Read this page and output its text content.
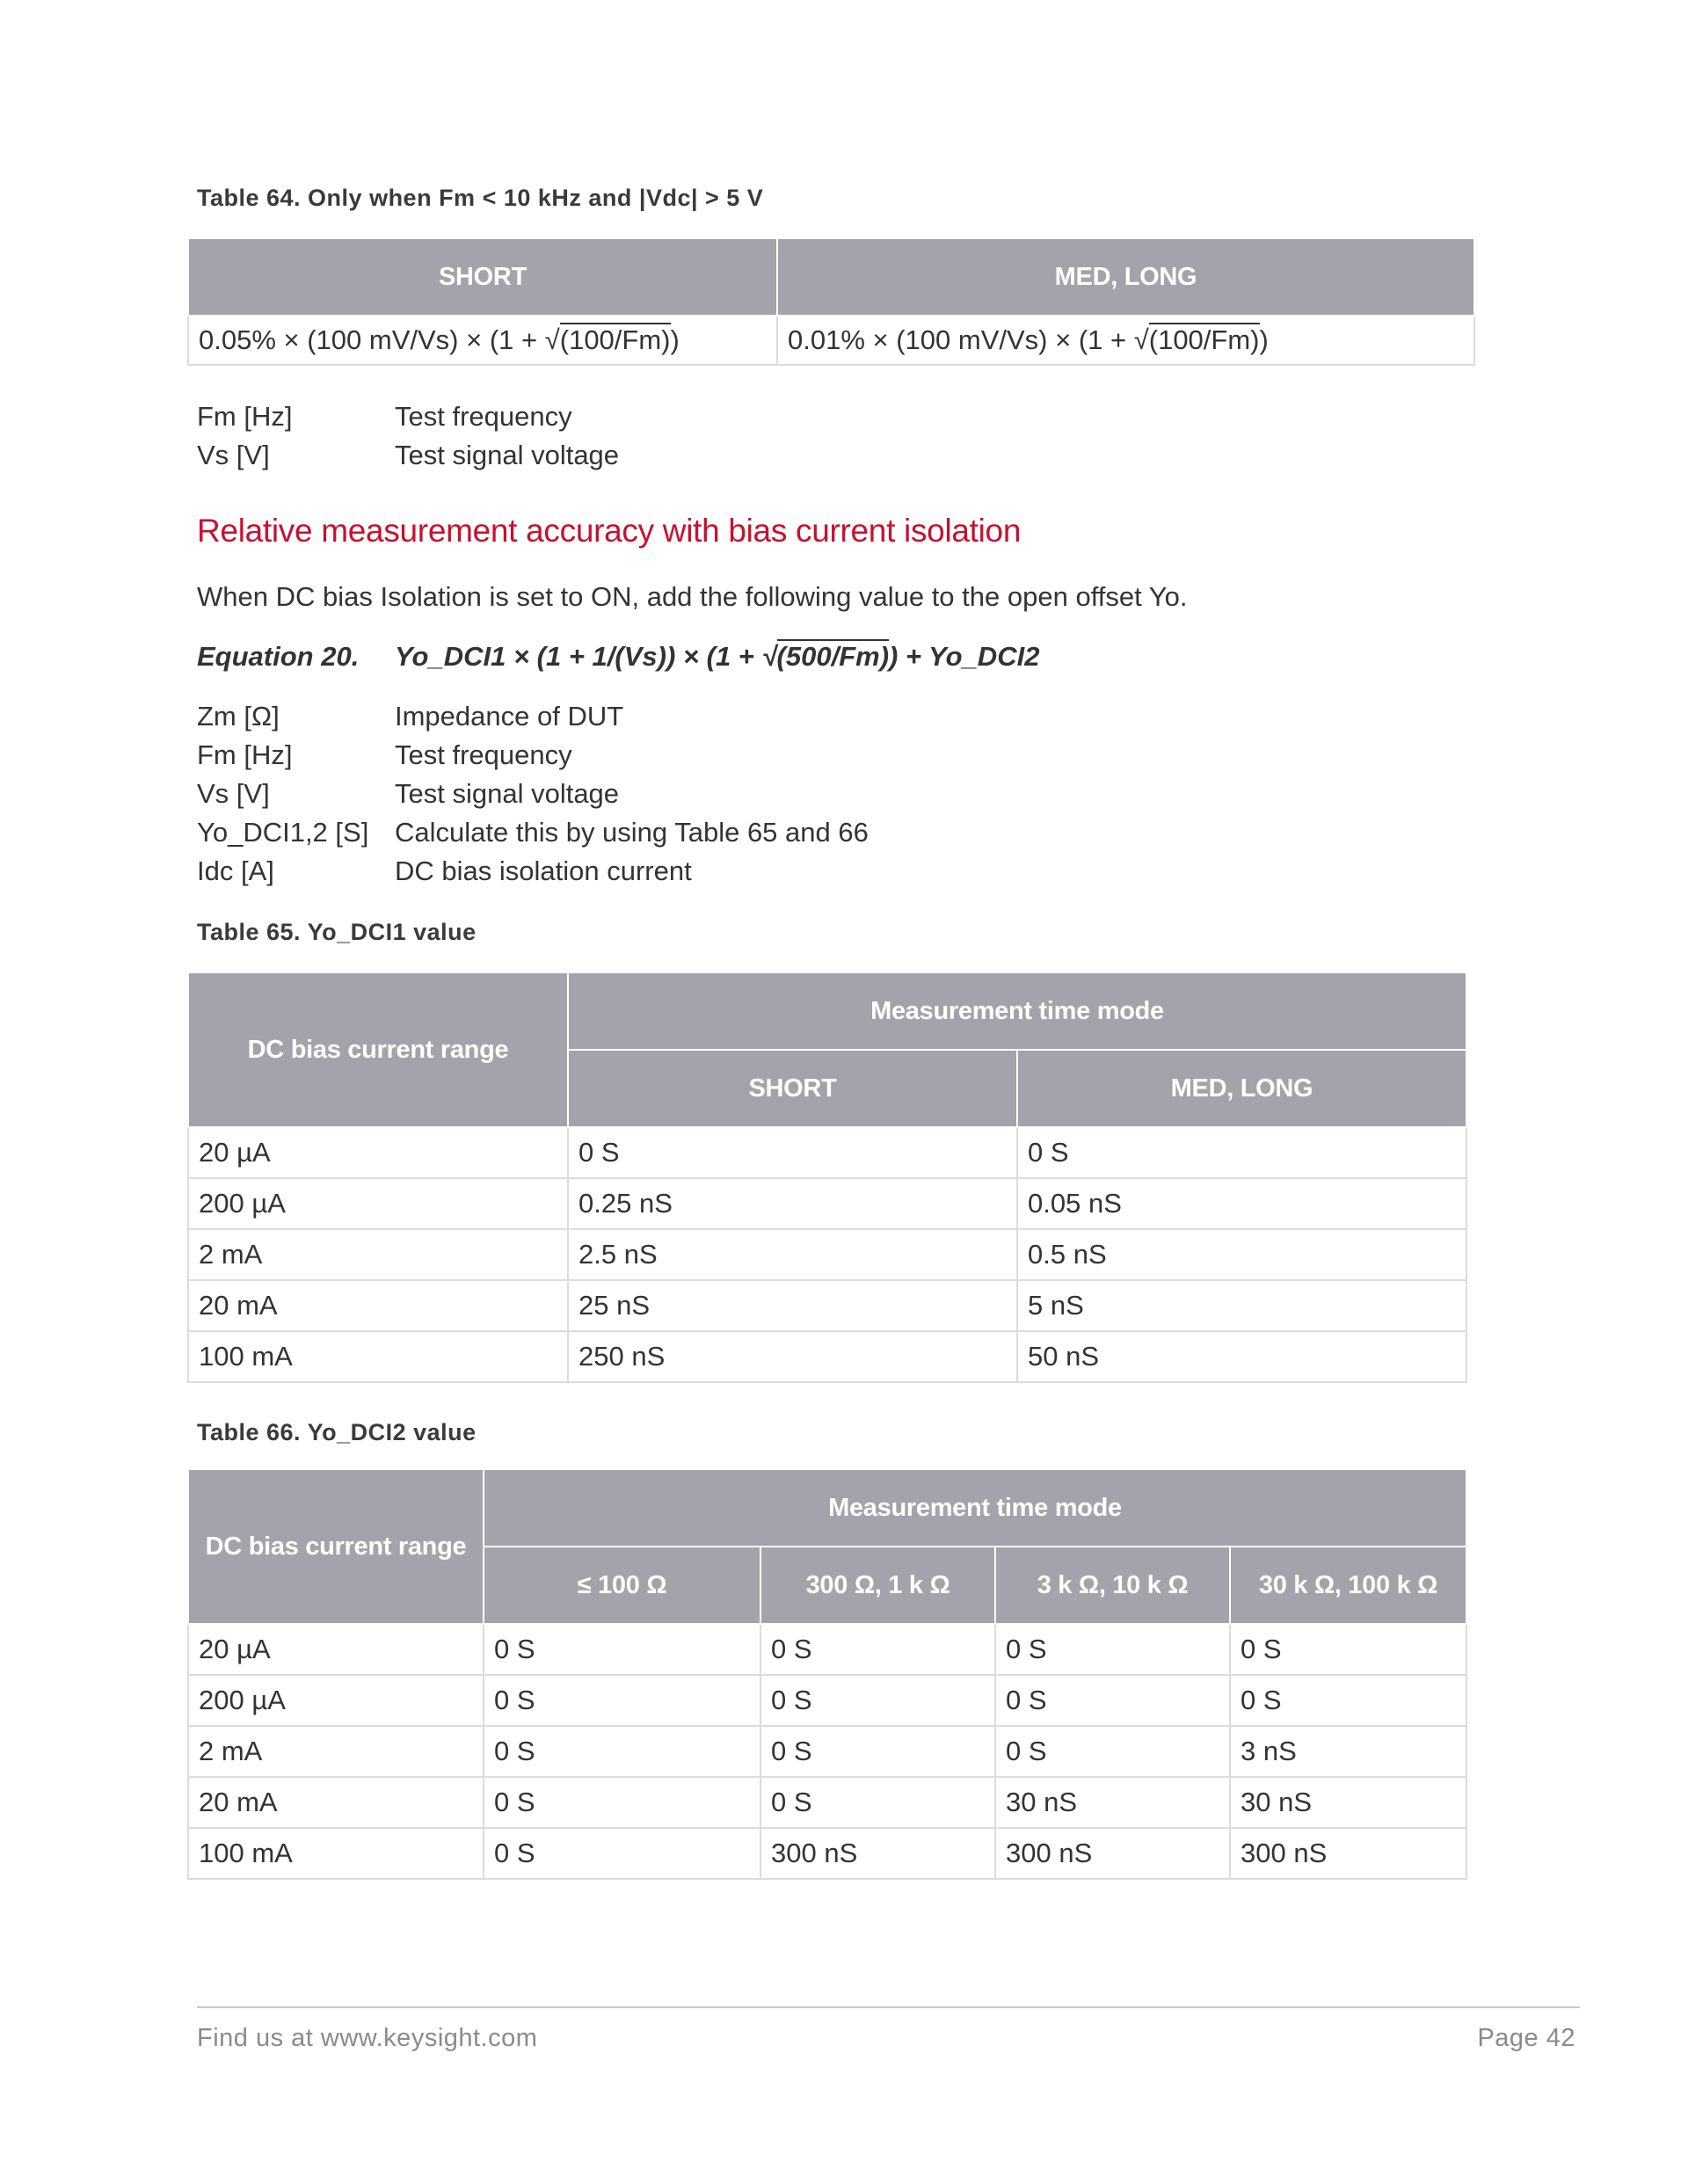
Table 64. Only when Fm < 10 kHz and |Vdc| > 5 V
SHORT	MED, LONG
0.05% × (100 mV/Vs) × (1 + √(100/Fm))	0.01% × (100 mV/Vs) × (1 + √(100/Fm))
Fm [Hz]	Test frequency
Vs [V]	Test signal voltage
Relative measurement accuracy with bias current isolation
When DC bias Isolation is set to ON, add the following value to the open offset Yo.
Equation 20. Yo_DCI1 × (1 + 1/(Vs)) × (1 + √(500/Fm)) + Yo_DCI2
Zm [Ω]	Impedance of DUT
Fm [Hz]	Test frequency
Vs [V]	Test signal voltage
Yo_DCI1,2 [S] Calculate this by using Table 65 and 66
Idc [A]	DC bias isolation current
Table 65. Yo_DCI1 value
DC bias current range	Measurement time mode	
	SHORT	MED, LONG
20 µA	0 S	0 S
200 µA	0.25 nS	0.05 nS
2 mA	2.5 nS	0.5 nS
20 mA	25 nS	5 nS
100 mA	250 nS	50 nS
Table 66. Yo_DCI2 value
DC bias current range	Measurement time mode			
	≤ 100 Ω	300 Ω, 1 k Ω	3 k Ω, 10 k Ω	30 k Ω, 100 k Ω
20 µA	0 S	0 S	0 S	0 S
200 µA	0 S	0 S	0 S	0 S
2 mA	0 S	0 S	0 S	3 nS
20 mA	0 S	0 S	30 nS	30 nS
100 mA	0 S	300 nS	300 nS	300 nS
Find us at www.keysight.com	Page 42
